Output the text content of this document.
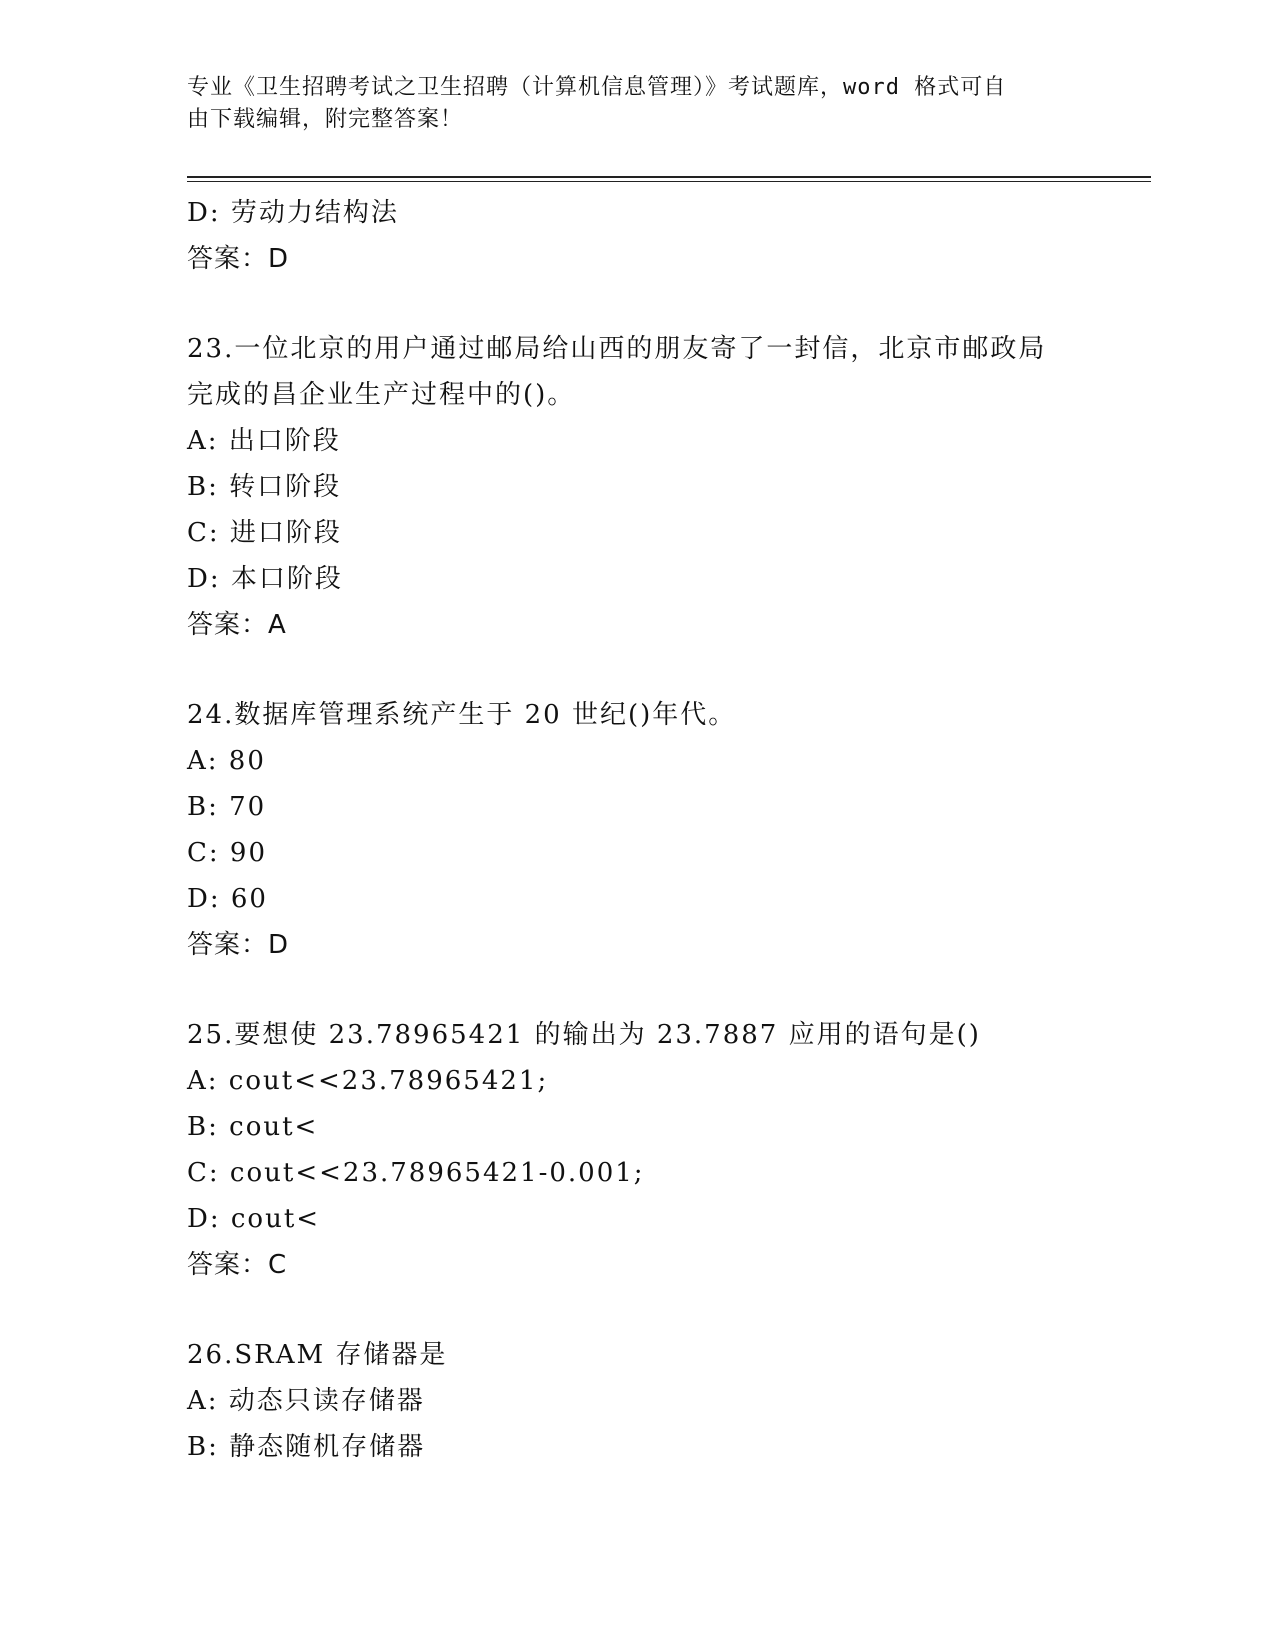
专业《卫生招聘考试之卫生招聘（计算机信息管理）》考试题库，word 格式可自
由下载编辑，附完整答案！
D: 劳动力结构法
答案：D
23.一位北京的用户通过邮局给山西的朋友寄了一封信，北京市邮政局
完成的昌企业生产过程中的()。
A: 出口阶段
B: 转口阶段
C: 进口阶段
D: 本口阶段
答案：A
24.数据库管理系统产生于 20 世纪()年代。
A: 80
B: 70
C: 90
D: 60
答案：D
25.要想使 23.78965421 的输出为 23.7887 应用的语句是()
A: cout<<23.78965421;
B: cout<
C: cout<<23.78965421-0.001;
D: cout<
答案：C
26.SRAM 存储器是
A: 动态只读存储器
B: 静态随机存储器
